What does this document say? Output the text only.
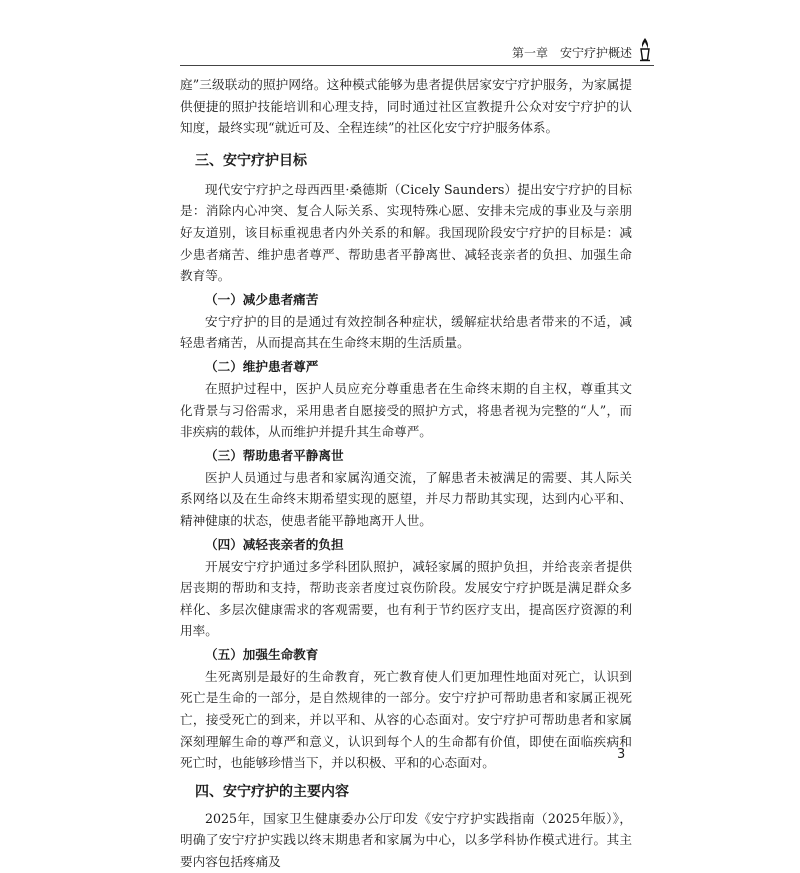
第一章　安宁疗护概述

庭”三级联动的照护网络。这种模式能够为患者提供居家安宁疗护服务，为家属提供便捷的照护技能培训和心理支持，同时通过社区宣教提升公众对安宁疗护的认知度，最终实现“就近可及、全程连续”的社区化安宁疗护服务体系。

三、安宁疗护目标

现代安宁疗护之母西西里·桑德斯（Cicely Saunders）提出安宁疗护的目标是：消除内心冲突、复合人际关系、实现特殊心愿、安排未完成的事业及与亲朋好友道别，该目标重视患者内外关系的和解。我国现阶段安宁疗护的目标是：减少患者痛苦、维护患者尊严、帮助患者平静离世、减轻丧亲者的负担、加强生命教育等。

（一）减少患者痛苦

安宁疗护的目的是通过有效控制各种症状，缓解症状给患者带来的不适，减轻患者痛苦，从而提高其在生命终末期的生活质量。

（二）维护患者尊严

在照护过程中，医护人员应充分尊重患者在生命终末期的自主权，尊重其文化背景与习俗需求，采用患者自愿接受的照护方式，将患者视为完整的“人”，而非疾病的载体，从而维护并提升其生命尊严。

（三）帮助患者平静离世

医护人员通过与患者和家属沟通交流，了解患者未被满足的需要、其人际关系网络以及在生命终末期希望实现的愿望，并尽力帮助其实现，达到内心平和、精神健康的状态，使患者能平静地离开人世。

（四）减轻丧亲者的负担

开展安宁疗护通过多学科团队照护，减轻家属的照护负担，并给丧亲者提供居丧期的帮助和支持，帮助丧亲者度过哀伤阶段。发展安宁疗护既是满足群众多样化、多层次健康需求的客观需要，也有利于节约医疗支出，提高医疗资源的利用率。

（五）加强生命教育

生死离别是最好的生命教育，死亡教育使人们更加理性地面对死亡，认识到死亡是生命的一部分，是自然规律的一部分。安宁疗护可帮助患者和家属正视死亡，接受死亡的到来，并以平和、从容的心态面对。安宁疗护可帮助患者和家属深刻理解生命的尊严和意义，认识到每个人的生命都有价值，即使在面临疾病和死亡时，也能够珍惜当下，并以积极、平和的心态面对。

四、安宁疗护的主要内容

2025年，国家卫生健康委办公厅印发《安宁疗护实践指南（2025年版）》，明确了安宁疗护实践以终末期患者和家属为中心，以多学科协作模式进行。其主要内容包括疼痛及

3
